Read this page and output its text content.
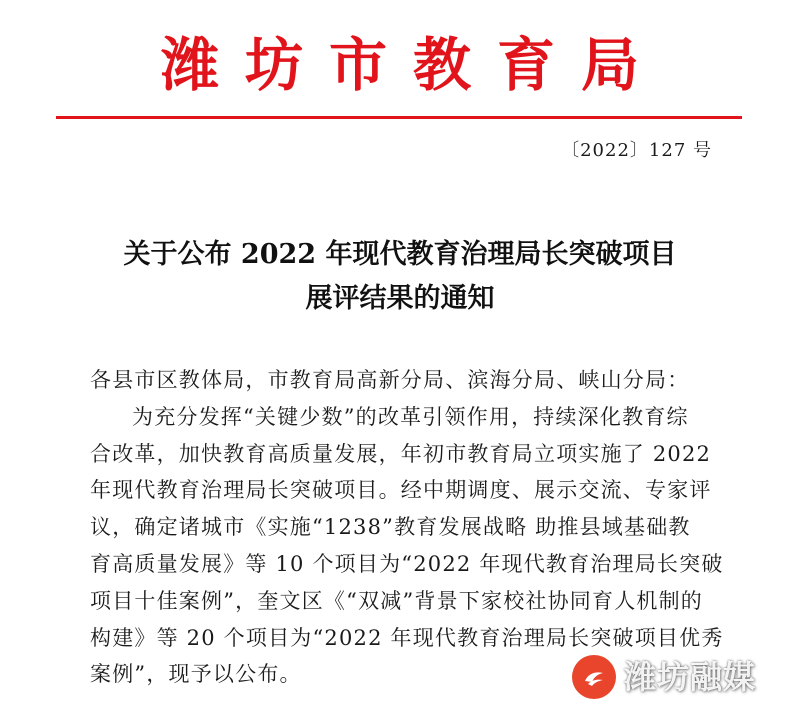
潍坊市教育局
〔2022〕127 号
关于公布 2022 年现代教育治理局长突破项目
展评结果的通知
各县市区教体局，市教育局高新分局、滨海分局、峡山分局：
为充分发挥“关键少数”的改革引领作用，持续深化教育综
合改革，加快教育高质量发展，年初市教育局立项实施了 2022
年现代教育治理局长突破项目。经中期调度、展示交流、专家评
议，确定诸城市《实施“1238”教育发展战略 助推县域基础教
育高质量发展》等 10 个项目为“2022 年现代教育治理局长突破
项目十佳案例”，奎文区《“双减”背景下家校社协同育人机制的
构建》等 20 个项目为“2022 年现代教育治理局长突破项目优秀
案例”，现予以公布。	潍坊融媒
